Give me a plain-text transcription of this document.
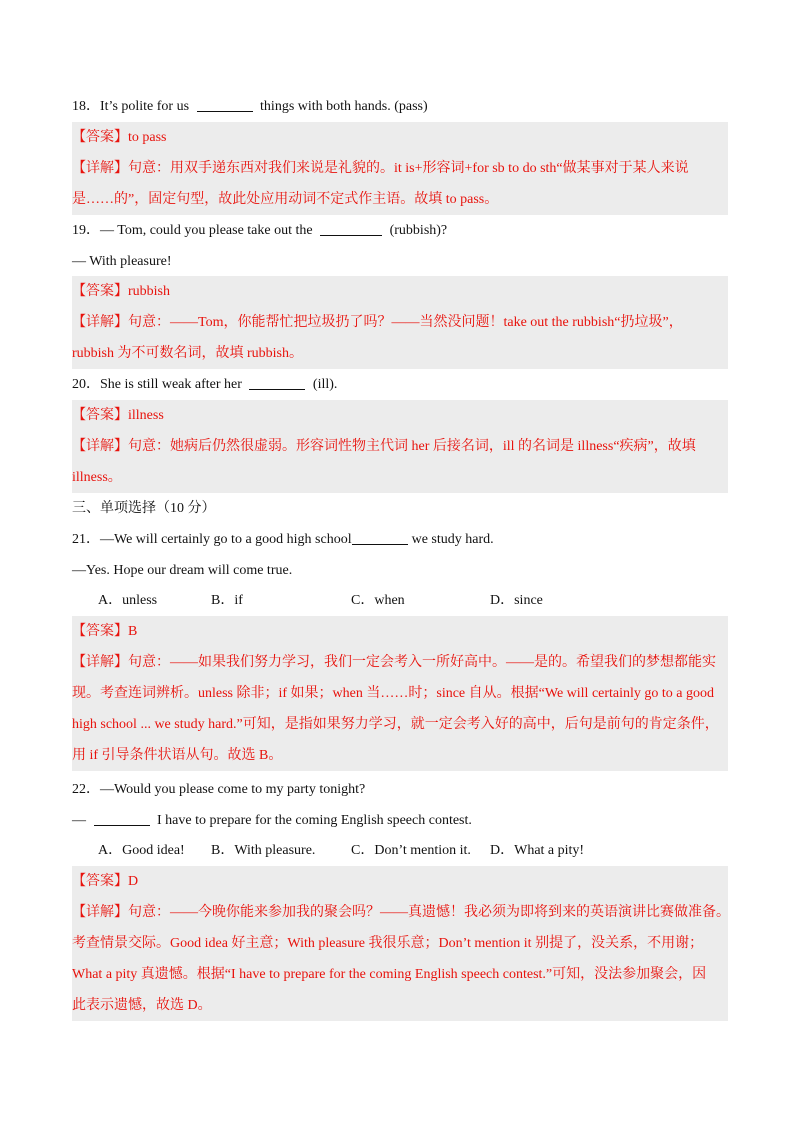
18．It’s polite for us	things with both hands. (pass)
【答案】to pass
【详解】句意：用双手递东西对我们来说是礼貌的。it is+形容词+for sb to do sth“做某事对于某人来说
是……的”，固定句型，故此处应用动词不定式作主语。故填 to pass。
19．— Tom, could you please take out the	(rubbish)?
— With pleasure!
【答案】rubbish
【详解】句意：——Tom，你能帮忙把垃圾扔了吗？——当然没问题！take out the rubbish“扔垃圾”，
rubbish 为不可数名词，故填 rubbish。
20．She is still weak after her	(ill).
【答案】illness
【详解】句意：她病后仍然很虚弱。形容词性物主代词 her 后接名词，ill 的名词是 illness“疾病”，故填
illness。
三、单项选择（10 分）
21．—We will certainly go to a good high school	we study hard.
—Yes. Hope our dream will come true.
A．unless	B．if	C．when	D．since
【答案】B
【详解】句意：——如果我们努力学习，我们一定会考入一所好高中。——是的。希望我们的梦想都能实
现。考查连词辨析。unless 除非；if 如果；when 当……时；since 自从。根据“We will certainly go to a good
high school ... we study hard.”可知，是指如果努力学习，就一定会考入好的高中，后句是前句的肯定条件，
用 if 引导条件状语从句。故选 B。
22．—Would you please come to my party tonight?
—	I have to prepare for the coming English speech contest.
A．Good idea! B．With pleasure.	C．Don’t mention it. D．What a pity!
【答案】D
【详解】句意：——今晚你能来参加我的聚会吗？——真遗憾！我必须为即将到来的英语演讲比赛做准备。
考查情景交际。Good idea 好主意；With pleasure 我很乐意；Don’t mention it 别提了，没关系，不用谢；
What a pity 真遗憾。根据“I have to prepare for the coming English speech contest.”可知，没法参加聚会，因
此表示遗憾，故选 D。
